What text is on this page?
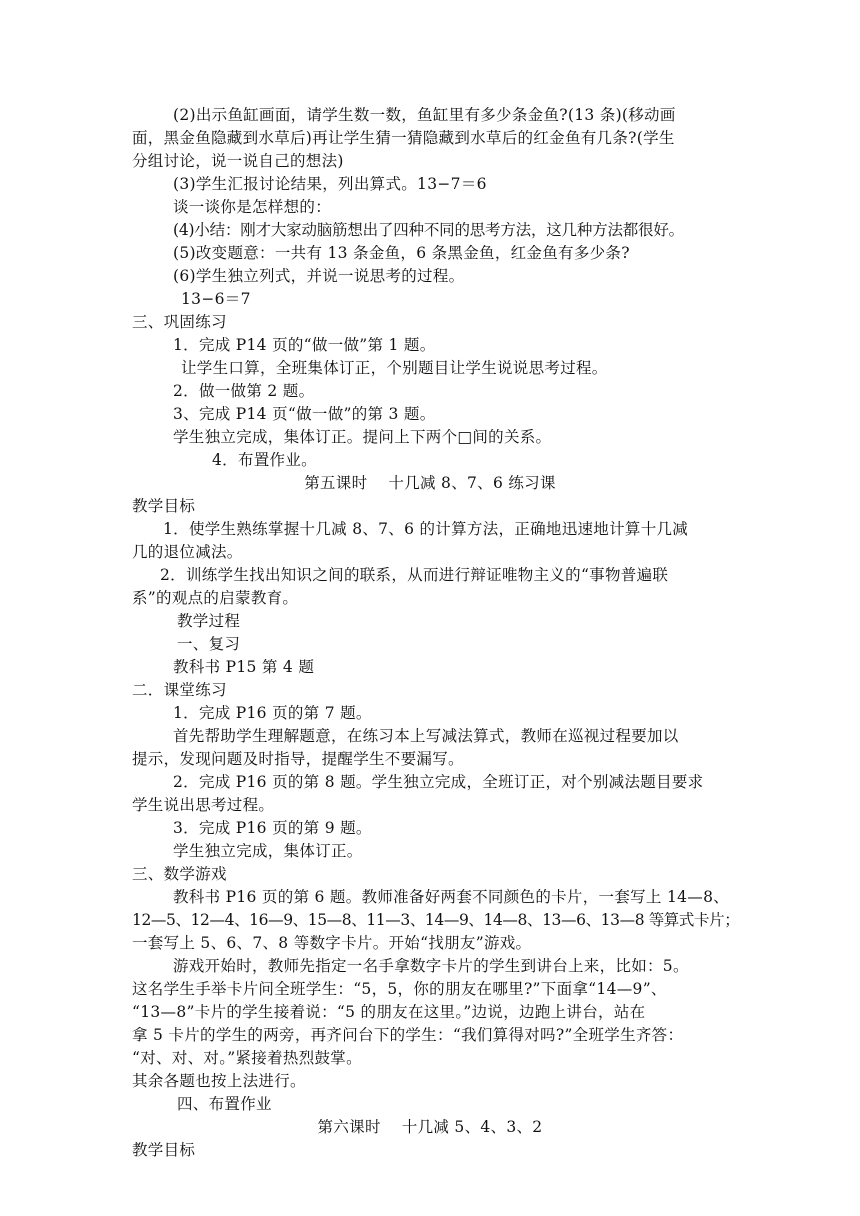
(2)出示鱼缸画面，请学生数一数，鱼缸里有多少条金鱼?(13 条)(移动画
面，黑金鱼隐藏到水草后)再让学生猜一猜隐藏到水草后的红金鱼有几条?(学生
分组讨论，说一说自己的想法)
(3)学生汇报讨论结果，列出算式。13−7＝6
谈一谈你是怎样想的：
(4)小结：刚才大家动脑筋想出了四种不同的思考方法，这几种方法都很好。
(5)改变题意：一共有 13 条金鱼，6 条黑金鱼，红金鱼有多少条?
(6)学生独立列式，并说一说思考的过程。
13−6＝7
三、巩固练习
1．完成 P14 页的“做一做”第 1 题。
让学生口算，全班集体订正，个别题目让学生说说思考过程。
2．做一做第 2 题。
3、完成 P14 页“做一做”的第 3 题。
学生独立完成，集体订正。提问上下两个□间的关系。
4．布置作业。
第五课时　 十几减 8、7、6 练习课
教学目标
1．使学生熟练掌握十几减 8、7、6 的计算方法，正确地迅速地计算十几减
几的退位减法。
2．训练学生找出知识之间的联系，从而进行辩证唯物主义的“事物普遍联
系”的观点的启蒙教育。
教学过程
一、复习
教科书 P15 第 4 题
二．课堂练习
1．完成 P16 页的第 7 题。
首先帮助学生理解题意，在练习本上写减法算式，教师在巡视过程要加以
提示，发现问题及时指导，提醒学生不要漏写。
2．完成 P16 页的第 8 题。学生独立完成，全班订正，对个别减法题目要求
学生说出思考过程。
3．完成 P16 页的第 9 题。
学生独立完成，集体订正。
三、数学游戏
教科书 P16 页的第 6 题。教师准备好两套不同颜色的卡片，一套写上 14—8、
12—5、12—4、16—9、15—8、11—3、14—9、14—8、13—6、13—8 等算式卡片；
一套写上 5、6、7、8 等数字卡片。开始“找朋友”游戏。
游戏开始时，教师先指定一名手拿数字卡片的学生到讲台上来，比如：5。
这名学生手举卡片问全班学生：“5，5，你的朋友在哪里?”下面拿“14—9”、
“13—8”卡片的学生接着说：“5 的朋友在这里。”边说，边跑上讲台，站在
拿 5 卡片的学生的两旁，再齐问台下的学生：“我们算得对吗?”全班学生齐答：
“对、对、对。”紧接着热烈鼓掌。
其余各题也按上法进行。
四、布置作业
第六课时　 十几减 5、4、3、2
教学目标
